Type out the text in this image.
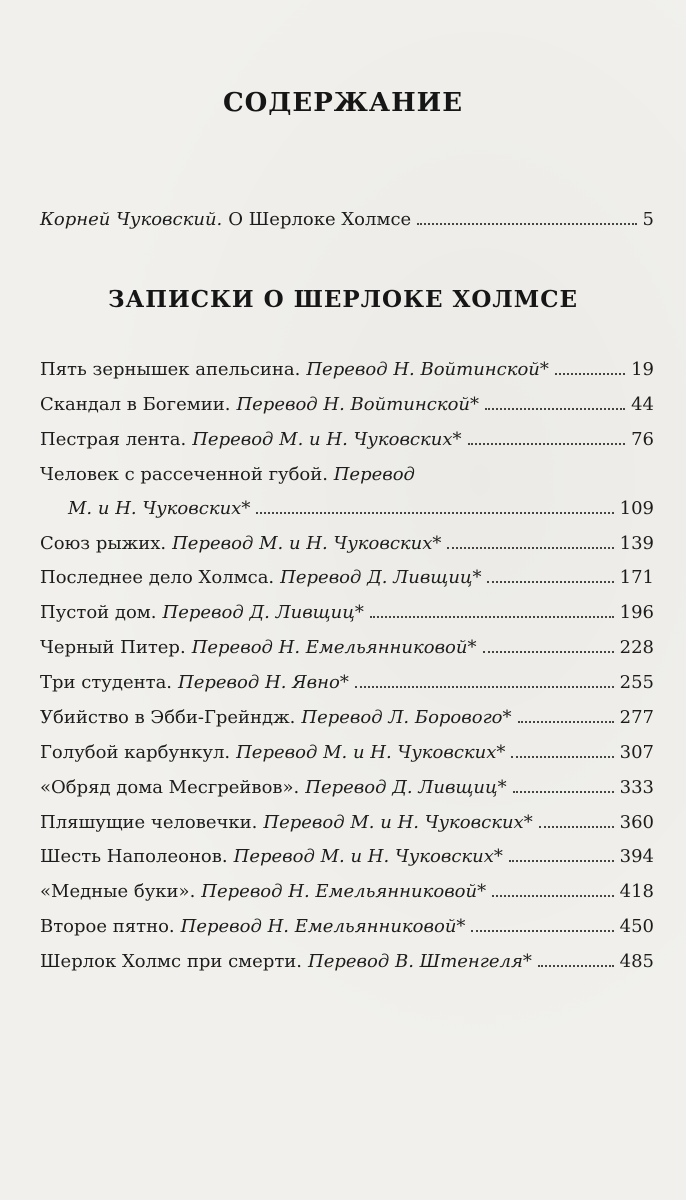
СОДЕРЖАНИЕ
Корней Чуковский. О Шерлоке Холмсе	5
ЗАПИСКИ О ШЕРЛОКЕ ХОЛМСЕ
Пять зернышек апельсина. Перевод Н. Войтинской*	19
Скандал в Богемии. Перевод Н. Войтинской*	44
Пестрая лента. Перевод М. и Н. Чуковских*	76
Человек с рассеченной губой. Перевод
М. и Н. Чуковских*	109
Союз рыжих. Перевод М. и Н. Чуковских*	139
Последнее дело Холмса. Перевод Д. Ливщиц*	171
Пустой дом. Перевод Д. Ливщиц*	196
Черный Питер. Перевод Н. Емельянниковой*	228
Три студента. Перевод Н. Явно*	255
Убийство в Эбби-Грейндж. Перевод Л. Борового*	277
Голубой карбункул. Перевод М. и Н. Чуковских*	307
«Обряд дома Месгрейвов». Перевод Д. Ливщиц*	333
Пляшущие человечки. Перевод М. и Н. Чуковских*	360
Шесть Наполеонов. Перевод М. и Н. Чуковских*	394
«Медные буки». Перевод Н. Емельянниковой*	418
Второе пятно. Перевод Н. Емельянниковой*	450
Шерлок Холмс при смерти. Перевод В. Штенгеля*	485
